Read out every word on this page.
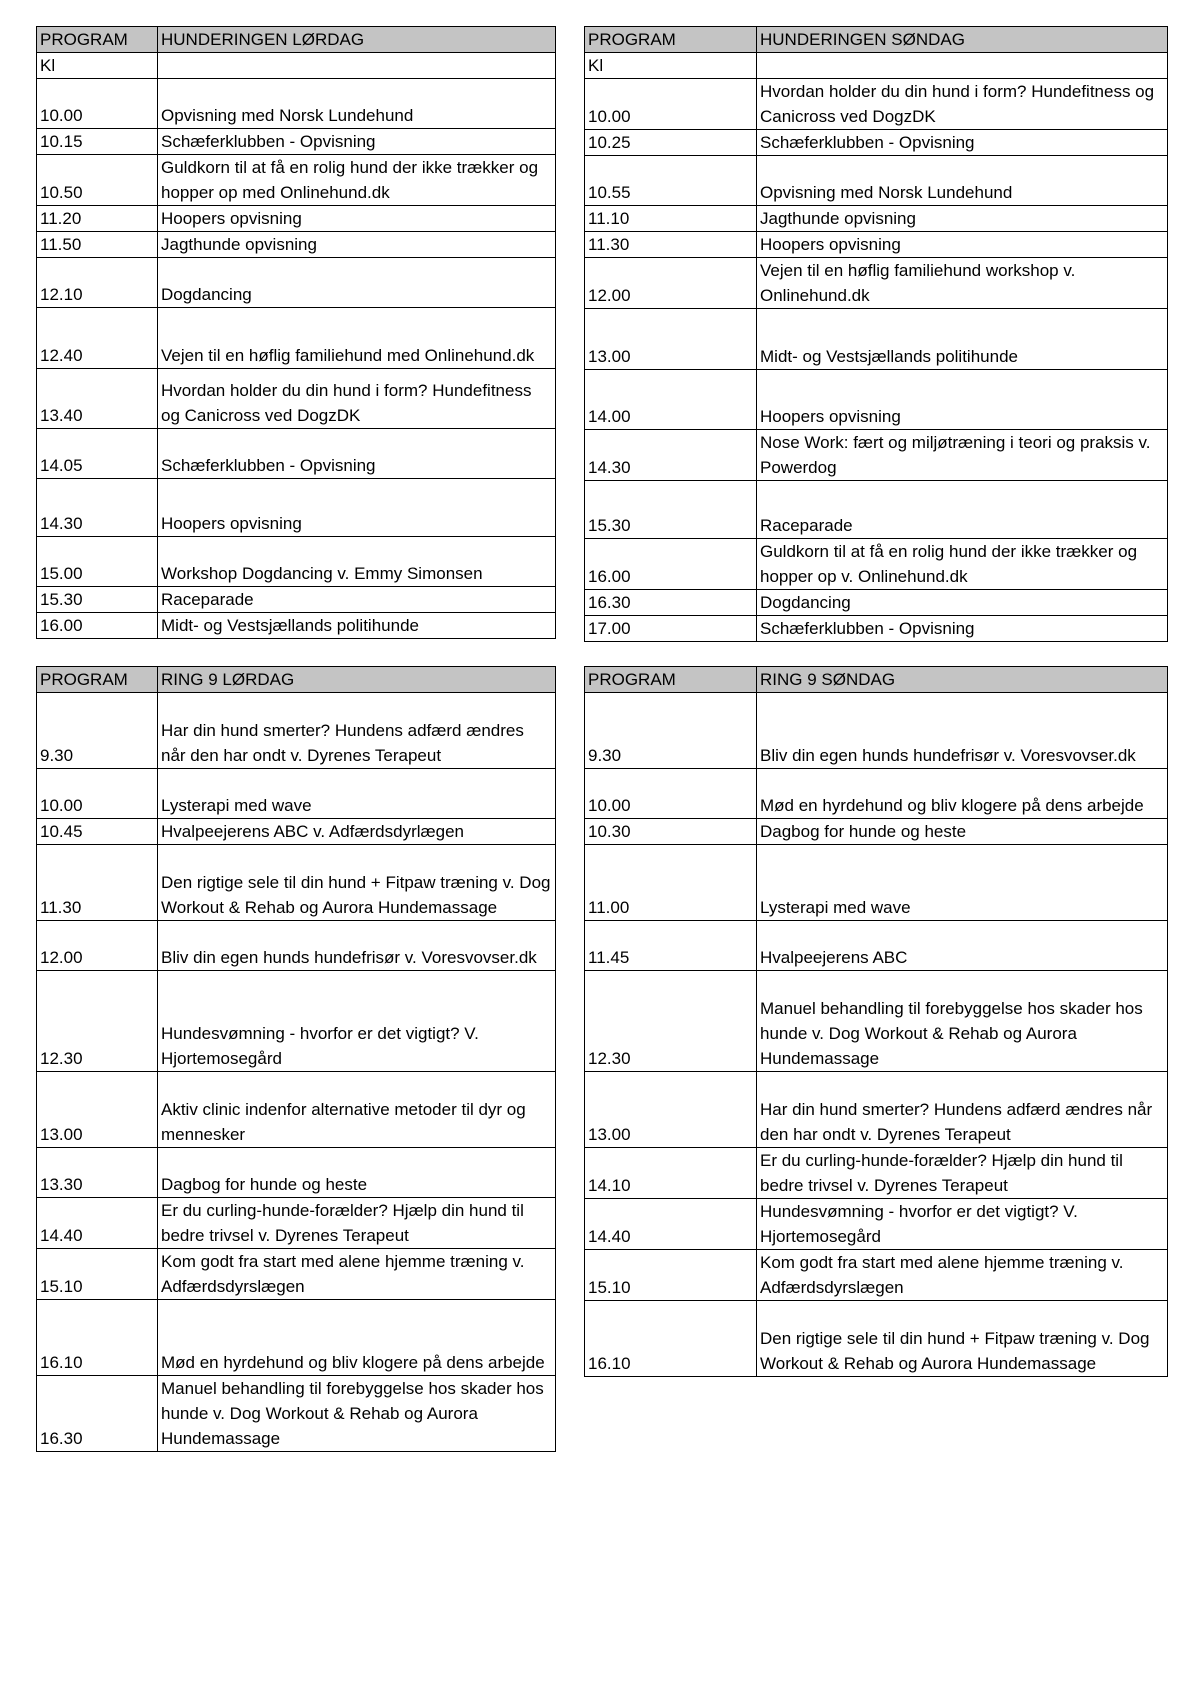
PROGRAM	HUNDERINGEN LØRDAG
Kl	
10.00	Opvisning med Norsk Lundehund
10.15	Schæferklubben - Opvisning
10.50	Guldkorn til at få en rolig hund der ikke trækker og hopper op med Onlinehund.dk
11.20	Hoopers opvisning
11.50	Jagthunde opvisning
12.10	Dogdancing
12.40	Vejen til en høflig familiehund med Onlinehund.dk
13.40	Hvordan holder du din hund i form? Hundefitness og Canicross ved DogzDK
14.05	Schæferklubben - Opvisning
14.30	Hoopers opvisning
15.00	Workshop Dogdancing v. Emmy Simonsen
15.30	Raceparade
16.00	Midt- og Vestsjællands politihunde
PROGRAM	HUNDERINGEN SØNDAG
Kl	
10.00	Hvordan holder du din hund i form? Hundefitness og Canicross ved DogzDK
10.25	Schæferklubben - Opvisning
10.55	Opvisning med Norsk Lundehund
11.10	Jagthunde opvisning
11.30	Hoopers opvisning
12.00	Vejen til en høflig familiehund workshop v. Onlinehund.dk
13.00	Midt- og Vestsjællands politihunde
14.00	Hoopers opvisning
14.30	Nose Work: fært og miljøtræning i teori og praksis v. Powerdog
15.30	Raceparade
16.00	Guldkorn til at få en rolig hund der ikke trækker og hopper op v. Onlinehund.dk
16.30	Dogdancing
17.00	Schæferklubben - Opvisning
PROGRAM	RING 9 LØRDAG
9.30	Har din hund smerter? Hundens adfærd ændres når den har ondt v. Dyrenes Terapeut
10.00	Lysterapi med wave
10.45	Hvalpeejerens ABC v. Adfærdsdyrlægen
11.30	Den rigtige sele til din hund + Fitpaw træning v. Dog Workout & Rehab og Aurora Hundemassage
12.00	Bliv din egen hunds hundefrisør v. Voresvovser.dk
12.30	Hundesvømning - hvorfor er det vigtigt? V. Hjortemosegård
13.00	Aktiv clinic indenfor alternative metoder til dyr og mennesker
13.30	Dagbog for hunde og heste
14.40	Er du curling-hunde-forælder? Hjælp din hund til bedre trivsel v. Dyrenes Terapeut
15.10	Kom godt fra start med alene hjemme træning v. Adfærdsdyrslægen
16.10	Mød en hyrdehund og bliv klogere på dens arbejde
16.30	Manuel behandling til forebyggelse hos skader hos hunde v. Dog Workout & Rehab og Aurora Hundemassage
PROGRAM	RING 9 SØNDAG
9.30	Bliv din egen hunds hundefrisør v. Voresvovser.dk
10.00	Mød en hyrdehund og bliv klogere på dens arbejde
10.30	Dagbog for hunde og heste
11.00	Lysterapi med wave
11.45	Hvalpeejerens ABC
12.30	Manuel behandling til forebyggelse hos skader hos hunde v. Dog Workout & Rehab og Aurora Hundemassage
13.00	Har din hund smerter? Hundens adfærd ændres når den har ondt v. Dyrenes Terapeut
14.10	Er du curling-hunde-forælder? Hjælp din hund til bedre trivsel v. Dyrenes Terapeut
14.40	Hundesvømning - hvorfor er det vigtigt? V. Hjortemosegård
15.10	Kom godt fra start med alene hjemme træning v. Adfærdsdyrslægen
16.10	Den rigtige sele til din hund + Fitpaw træning v. Dog Workout & Rehab og Aurora Hundemassage
